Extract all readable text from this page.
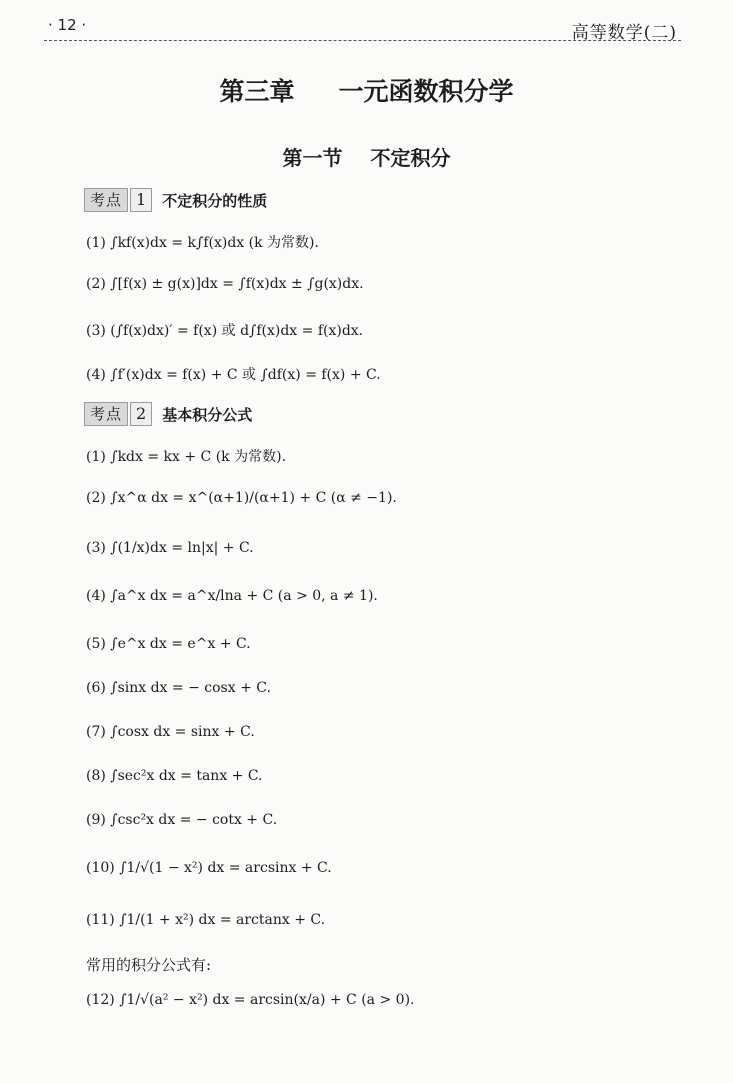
· 12 ·	高等数学(二)
第三章 一元函数积分学
第一节 不定积分
考点 1	不定积分的性质
(1) ∫kf(x)dx = k∫f(x)dx (k 为常数).
(2) ∫[f(x) ± g(x)]dx = ∫f(x)dx ± ∫g(x)dx.
(3) (∫f(x)dx)′ = f(x) 或 d∫f(x)dx = f(x)dx.
(4) ∫f′(x)dx = f(x) + C 或 ∫df(x) = f(x) + C.
考点 2	基本积分公式
(1) ∫kdx = kx + C (k 为常数).
(2) ∫x^α dx = x^(α+1)/(α+1) + C (α ≠ −1).
(3) ∫(1/x)dx = ln|x| + C.
(4) ∫a^x dx = a^x/lna + C (a > 0, a ≠ 1).
(5) ∫e^x dx = e^x + C.
(6) ∫sinx dx = − cosx + C.
(7) ∫cosx dx = sinx + C.
(8) ∫sec²x dx = tanx + C.
(9) ∫csc²x dx = − cotx + C.
(10) ∫1/√(1 − x²) dx = arcsinx + C.
(11) ∫1/(1 + x²) dx = arctanx + C.
常用的积分公式有:
(12) ∫1/√(a² − x²) dx = arcsin(x/a) + C (a > 0).
